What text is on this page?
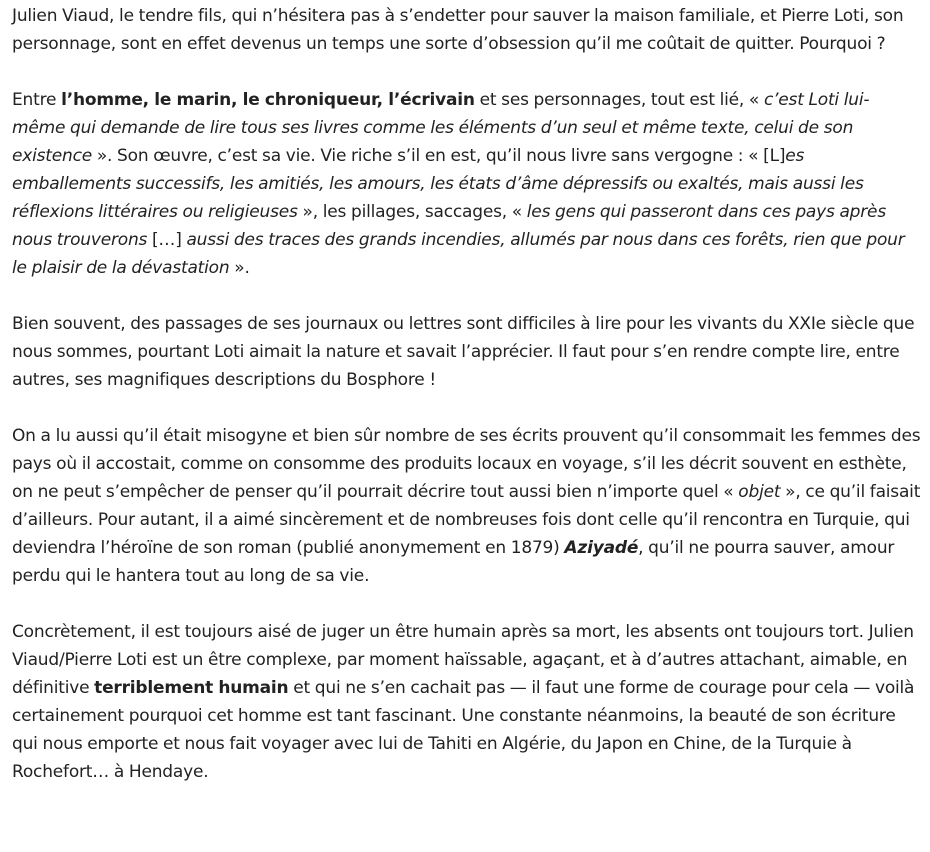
Julien Viaud, le tendre fils, qui n’hésitera pas à s’endetter pour sauver la maison familiale, et Pierre Loti, son personnage, sont en effet devenus un temps une sorte d’obsession qu’il me coûtait de quitter. Pourquoi ?

Entre l’homme, le marin, le chroniqueur, l’écrivain et ses personnages, tout est lié, « c’est Loti lui-même qui demande de lire tous ses livres comme les éléments d’un seul et même texte, celui de son existence ». Son œuvre, c’est sa vie. Vie riche s’il en est, qu’il nous livre sans vergogne : « [L]es emballements successifs, les amitiés, les amours, les états d’âme dépressifs ou exaltés, mais aussi les réflexions littéraires ou religieuses », les pillages, saccages, « les gens qui passeront dans ces pays après nous trouverons […] aussi des traces des grands incendies, allumés par nous dans ces forêts, rien que pour le plaisir de la dévastation ».

Bien souvent, des passages de ses journaux ou lettres sont difficiles à lire pour les vivants du XXIe siècle que nous sommes, pourtant Loti aimait la nature et savait l’apprécier. Il faut pour s’en rendre compte lire, entre autres, ses magnifiques descriptions du Bosphore !

On a lu aussi qu’il était misogyne et bien sûr nombre de ses écrits prouvent qu’il consommait les femmes des pays où il accostait, comme on consomme des produits locaux en voyage, s’il les décrit souvent en esthète, on ne peut s’empêcher de penser qu’il pourrait décrire tout aussi bien n’importe quel « objet », ce qu’il faisait d’ailleurs. Pour autant, il a aimé sincèrement et de nombreuses fois dont celle qu’il rencontra en Turquie, qui deviendra l’héroïne de son roman (publié anonymement en 1879) Aziyadé, qu’il ne pourra sauver, amour perdu qui le hantera tout au long de sa vie.

Concrètement, il est toujours aisé de juger un être humain après sa mort, les absents ont toujours tort. Julien Viaud/Pierre Loti est un être complexe, par moment haïssable, agaçant, et à d’autres attachant, aimable, en définitive terriblement humain et qui ne s’en cachait pas — il faut une forme de courage pour cela — voilà certainement pourquoi cet homme est tant fascinant. Une constante néanmoins, la beauté de son écriture qui nous emporte et nous fait voyager avec lui de Tahiti en Algérie, du Japon en Chine, de la Turquie à Rochefort… à Hendaye.
